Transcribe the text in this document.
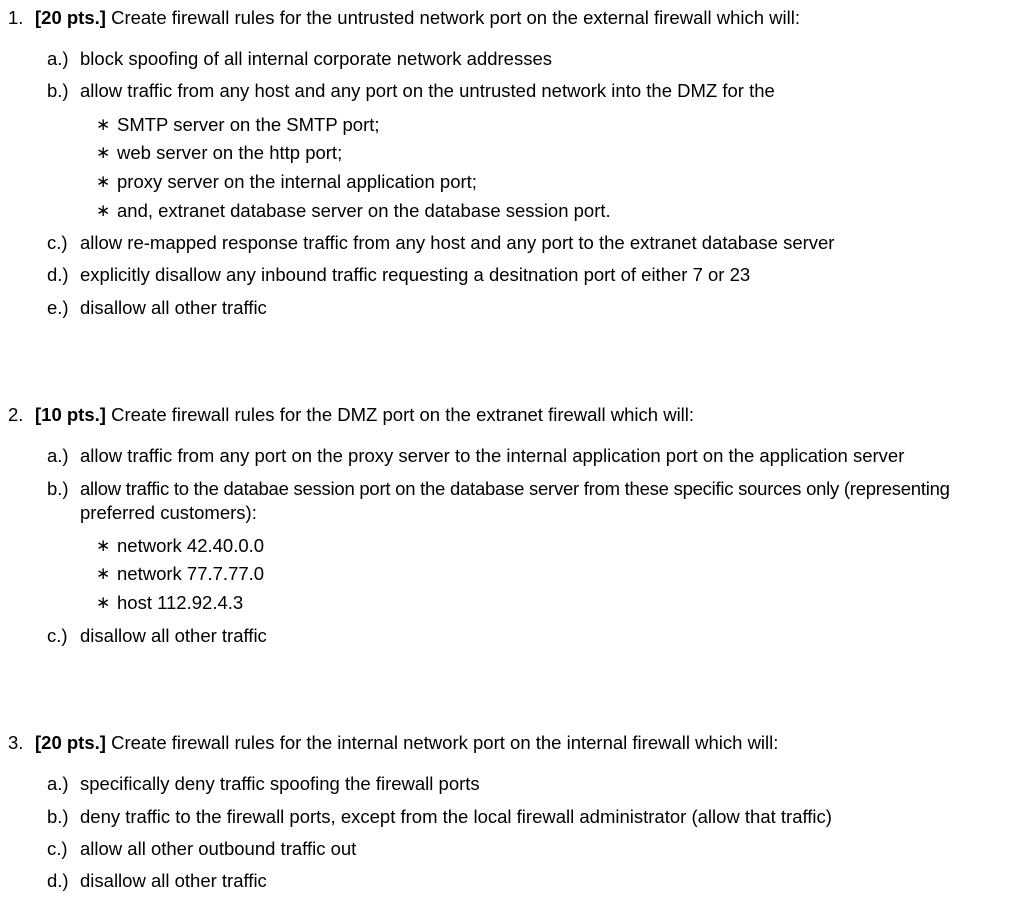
1. [20 pts.] Create firewall rules for the untrusted network port on the external firewall which will:
a.) block spoofing of all internal corporate network addresses
b.) allow traffic from any host and any port on the untrusted network into the DMZ for the
∗ SMTP server on the SMTP port;
∗ web server on the http port;
∗ proxy server on the internal application port;
∗ and, extranet database server on the database session port.
c.) allow re-mapped response traffic from any host and any port to the extranet database server
d.) explicitly disallow any inbound traffic requesting a desitnation port of either 7 or 23
e.) disallow all other traffic
2. [10 pts.] Create firewall rules for the DMZ port on the extranet firewall which will:
a.) allow traffic from any port on the proxy server to the internal application port on the application server
b.) allow traffic to the databae session port on the database server from these specific sources only (representing
preferred customers):
∗ network 42.40.0.0
∗ network 77.7.77.0
∗ host 112.92.4.3
c.) disallow all other traffic
3. [20 pts.] Create firewall rules for the internal network port on the internal firewall which will:
a.) specifically deny traffic spoofing the firewall ports
b.) deny traffic to the firewall ports, except from the local firewall administrator (allow that traffic)
c.) allow all other outbound traffic out
d.) disallow all other traffic
